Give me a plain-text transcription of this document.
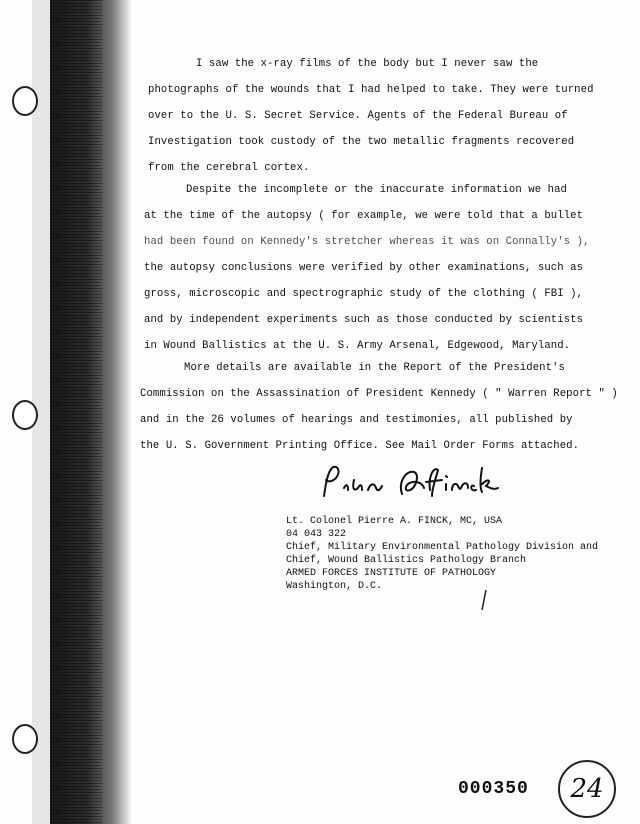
I saw the x-ray films of the body but I never saw the
photographs of the wounds that I had helped to take. They were turned
over to the U. S. Secret Service. Agents of the Federal Bureau of
Investigation took custody of the two metallic fragments recovered
from the cerebral cortex.
Despite the incomplete or the inaccurate information we had
at the time of the autopsy ( for example, we were told that a bullet
had been found on Kennedy's stretcher whereas it was on Connally's ),
the autopsy conclusions were verified by other examinations, such as
gross, microscopic and spectrographic study of the clothing ( FBI ),
and by independent experiments such as those conducted by scientists
in Wound Ballistics at the U. S. Army Arsenal, Edgewood, Maryland.
More details are available in the Report of the President's
Commission on the Assassination of President Kennedy ( " Warren Report " )
and in the 26 volumes of hearings and testimonies, all published by
the U. S. Government Printing Office. See Mail Order Forms attached.
Lt. Colonel Pierre A. FINCK, MC, USA
04 043 322
Chief, Military Environmental Pathology Division and
Chief, Wound Ballistics Pathology Branch
ARMED FORCES INSTITUTE OF PATHOLOGY
Washington, D.C.
000350 24
